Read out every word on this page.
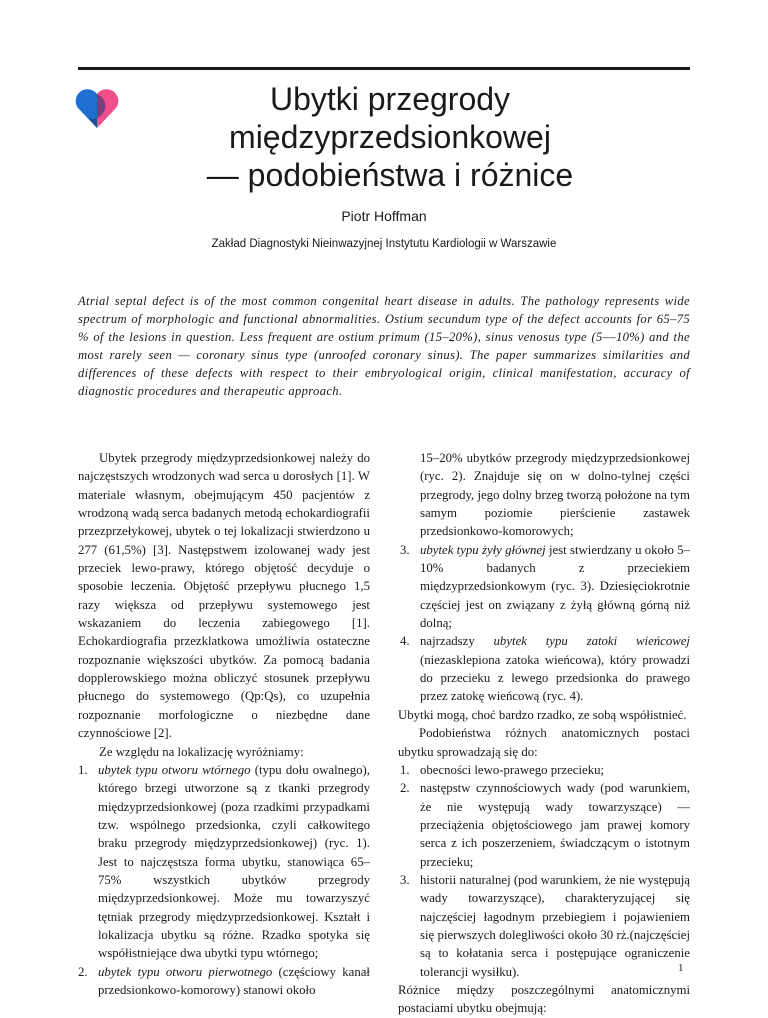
Ubytki przegrody
międzyprzedsionkowej
— podobieństwa i różnice
Piotr Hoffman
Zakład Diagnostyki Nieinwazyjnej Instytutu Kardiologii w Warszawie

Atrial septal defect is of the most common congenital heart disease in adults. The pathology represents wide spectrum of morphologic and functional abnormalities. Ostium secundum type of the defect accounts for 65–75 % of the lesions in question. Less frequent are ostium primum (15–20%), sinus venosus type (5––10%) and the most rarely seen — coronary sinus type (unroofed coronary sinus). The paper summarizes similarities and differences of these defects with respect to their embryological origin, clinical manifestation, accuracy of diagnostic procedures and therapeutic approach.

Ubytek przegrody międzyprzedsionkowej należy do najczęstszych wrodzonych wad serca u dorosłych [1]. W materiale własnym, obejmującym 450 pacjentów z wrodzoną wadą serca badanych metodą echokardiografii przezprzełykowej, ubytek o tej lokalizacji stwierdzono u 277 (61,5%) [3]. Następstwem izolowanej wady jest przeciek lewo-prawy, którego objętość decyduje o sposobie leczenia. Objętość przepływu płucnego 1,5 razy większa od przepływu systemowego jest wskazaniem do leczenia zabiegowego [1]. Echokardiografia przezklatkowa umożliwia ostateczne rozpoznanie większości ubytków. Za pomocą badania dopplerowskiego można obliczyć stosunek przepływu płucnego do systemowego (Qp:Qs), co uzupełnia rozpoznanie morfologiczne o niezbędne dane czynnościowe [2].

Ze względu na lokalizację wyróżniamy:

1. ubytek typu otworu wtórnego (typu dołu owalnego), którego brzegi utworzone są z tkanki przegrody międzyprzedsionkowej (poza rzadkimi przypadkami tzw. wspólnego przedsionka, czyli całkowitego braku przegrody międzyprzedsionkowej) (ryc. 1). Jest to najczęstsza forma ubytku, stanowiąca 65–75% wszystkich ubytków przegrody międzyprzedsionkowej. Może mu towarzyszyć tętniak przegrody międzyprzedsionkowej. Kształt i lokalizacja ubytku są różne. Rzadko spotyka się współistniejące dwa ubytki typu wtórnego;
2. ubytek typu otworu pierwotnego (częściowy kanał przedsionkowo-komorowy) stanowi około
15–20% ubytków przegrody międzyprzedsionkowej (ryc. 2). Znajduje się on w dolno-tylnej części przegrody, jego dolny brzeg tworzą położone na tym samym poziomie pierścienie zastawek przedsionkowo-komorowych;
3. ubytek typu żyły głównej jest stwierdzany u około 5–10% badanych z przeciekiem międzyprzedsionkowym (ryc. 3). Dziesięciokrotnie częściej jest on związany z żyłą główną górną niż dolną;
4. najrzadszy ubytek typu zatoki wieńcowej (niezasklepiona zatoka wieńcowa), który prowadzi do przecieku z lewego przedsionka do prawego przez zatokę wieńcową (ryc. 4).

Ubytki mogą, choć bardzo rzadko, ze sobą współistnieć.

Podobieństwa różnych anatomicznych postaci ubytku sprowadzają się do:

1. obecności lewo-prawego przecieku;
2. następstw czynnościowych wady (pod warunkiem, że nie występują wady towarzyszące) — przeciążenia objętościowego jam prawej komory serca z ich poszerzeniem, świadczącym o istotnym przecieku;
3. historii naturalnej (pod warunkiem, że nie występują wady towarzyszące), charakteryzującej się najczęściej łagodnym przebiegiem i pojawieniem się pierwszych dolegliwości około 30 rż.(najczęściej są to kołatania serca i postępujące ograniczenie tolerancji wysiłku).

Różnice między poszczególnymi anatomicznymi postaciami ubytku obejmują:

1
